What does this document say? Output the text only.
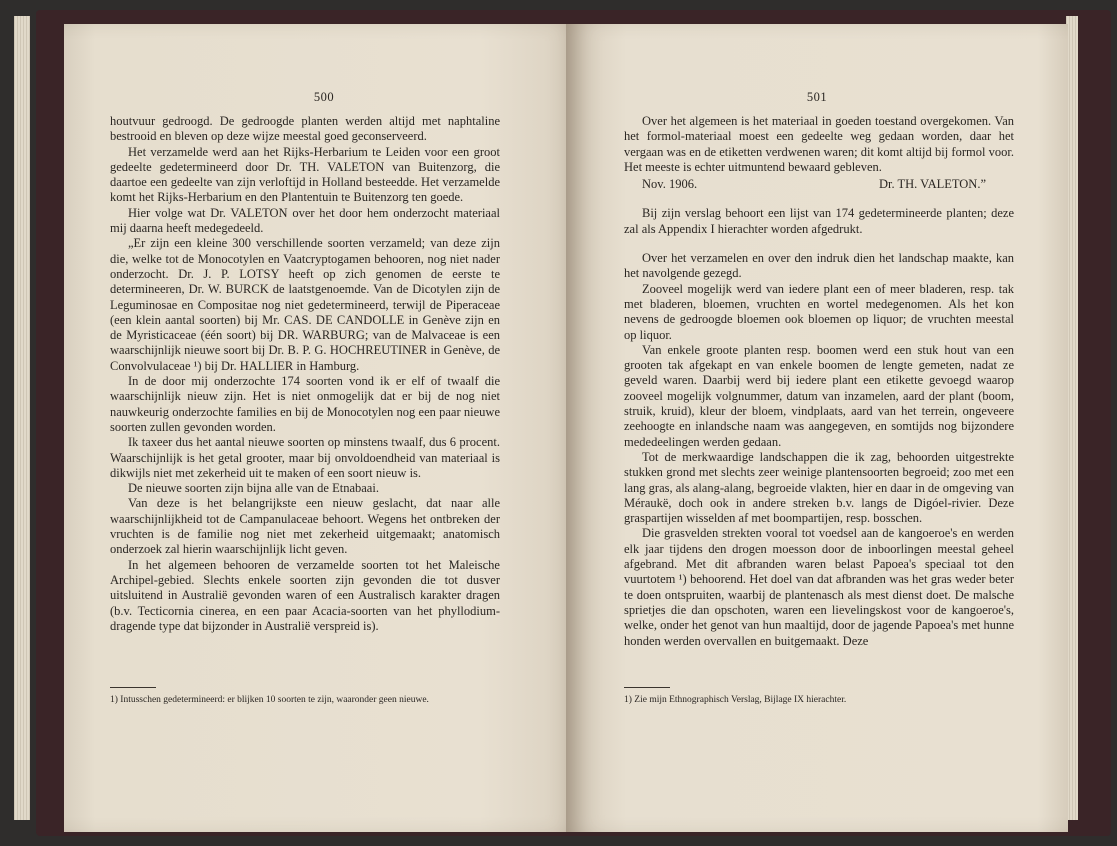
500

houtvuur gedroogd. De gedroogde planten werden altijd met naphtaline bestrooid en bleven op deze wijze meestal goed geconserveerd.

Het verzamelde werd aan het Rijks-Herbarium te Leiden voor een groot gedeelte gedetermineerd door Dr. TH. VALETON van Buitenzorg, die daartoe een gedeelte van zijn verloftijd in Holland besteedde. Het verzamelde komt het Rijks-Herbarium en den Plantentuin te Buitenzorg ten goede.

Hier volge wat Dr. VALETON over het door hem onderzocht materiaal mij daarna heeft medegedeeld.

„Er zijn een kleine 300 verschillende soorten verzameld; van deze zijn die, welke tot de Monocotylen en Vaatcryptogamen behooren, nog niet nader onderzocht. Dr. J. P. LOTSY heeft op zich genomen de eerste te determineeren, Dr. W. BURCK de laatstgenoemde. Van de Dicotylen zijn de Leguminosae en Compositae nog niet gedetermineerd, terwijl de Piperaceae (een klein aantal soorten) bij Mr. CAS. DE CANDOLLE in Genève zijn en de Myristicaceae (één soort) bij DR. WARBURG; van de Malvaceae is een waarschijnlijk nieuwe soort bij Dr. B. P. G. HOCHREUTINER in Genève, de Convolvulaceae ¹) bij Dr. HALLIER in Hamburg.

In de door mij onderzochte 174 soorten vond ik er elf of twaalf die waarschijnlijk nieuw zijn. Het is niet onmogelijk dat er bij de nog niet nauwkeurig onderzochte families en bij de Monocotylen nog een paar nieuwe soorten zullen gevonden worden.

Ik taxeer dus het aantal nieuwe soorten op minstens twaalf, dus 6 procent. Waarschijnlijk is het getal grooter, maar bij onvoldoendheid van materiaal is dikwijls niet met zekerheid uit te maken of een soort nieuw is.

De nieuwe soorten zijn bijna alle van de Etnabaai.

Van deze is het belangrijkste een nieuw geslacht, dat naar alle waarschijnlijkheid tot de Campanulaceae behoort. Wegens het ontbreken der vruchten is de familie nog niet met zekerheid uitgemaakt; anatomisch onderzoek zal hierin waarschijnlijk licht geven.

In het algemeen behooren de verzamelde soorten tot het Maleische Archipel-gebied. Slechts enkele soorten zijn gevonden die tot dusver uitsluitend in Australië gevonden waren of een Australisch karakter dragen (b.v. Tecticornia cinerea, en een paar Acacia-soorten van het phyllodium-dragende type dat bijzonder in Australië verspreid is).

1) Intusschen gedetermineerd: er blijken 10 soorten te zijn, waaronder geen nieuwe.
501

Over het algemeen is het materiaal in goeden toestand overgekomen. Van het formol-materiaal moest een gedeelte weg gedaan worden, daar het vergaan was en de etiketten verdwenen waren; dit komt altijd bij formol voor. Het meeste is echter uitmuntend bewaard gebleven.

Nov. 1906.	Dr. TH. VALETON.”

Bij zijn verslag behoort een lijst van 174 gedetermineerde planten; deze zal als Appendix I hierachter worden afgedrukt.

Over het verzamelen en over den indruk dien het landschap maakte, kan het navolgende gezegd.

Zooveel mogelijk werd van iedere plant een of meer bladeren, resp. tak met bladeren, bloemen, vruchten en wortel medegenomen. Als het kon nevens de gedroogde bloemen ook bloemen op liquor; de vruchten meestal op liquor.

Van enkele groote planten resp. boomen werd een stuk hout van een grooten tak afgekapt en van enkele boomen de lengte gemeten, nadat ze geveld waren. Daarbij werd bij iedere plant een etikette gevoegd waarop zooveel mogelijk volgnummer, datum van inzamelen, aard der plant (boom, struik, kruid), kleur der bloem, vindplaats, aard van het terrein, ongeveere zeehoogte en inlandsche naam was aangegeven, en somtijds nog bijzondere mededeelingen werden gedaan.

Tot de merkwaardige landschappen die ik zag, behoorden uitgestrekte stukken grond met slechts zeer weinige plantensoorten begroeid; zoo met een lang gras, als alang-alang, begroeide vlakten, hier en daar in de omgeving van Méraukë, doch ook in andere streken b.v. langs de Digóel-rivier. Deze graspartijen wisselden af met boompartijen, resp. bosschen.

Die grasvelden strekten vooral tot voedsel aan de kangoeroe's en werden elk jaar tijdens den drogen moesson door de inboorlingen meestal geheel afgebrand. Met dit afbranden waren belast Papoea's speciaal tot den vuurtotem ¹) behoorend. Het doel van dat afbranden was het gras weder beter te doen ontspruiten, waarbij de plantenasch als mest dienst doet. De malsche sprietjes die dan opschoten, waren een lievelingskost voor de kangoeroe's, welke, onder het genot van hun maaltijd, door de jagende Papoea's met hunne honden werden overvallen en buitgemaakt. Deze

1) Zie mijn Ethnographisch Verslag, Bijlage IX hierachter.
